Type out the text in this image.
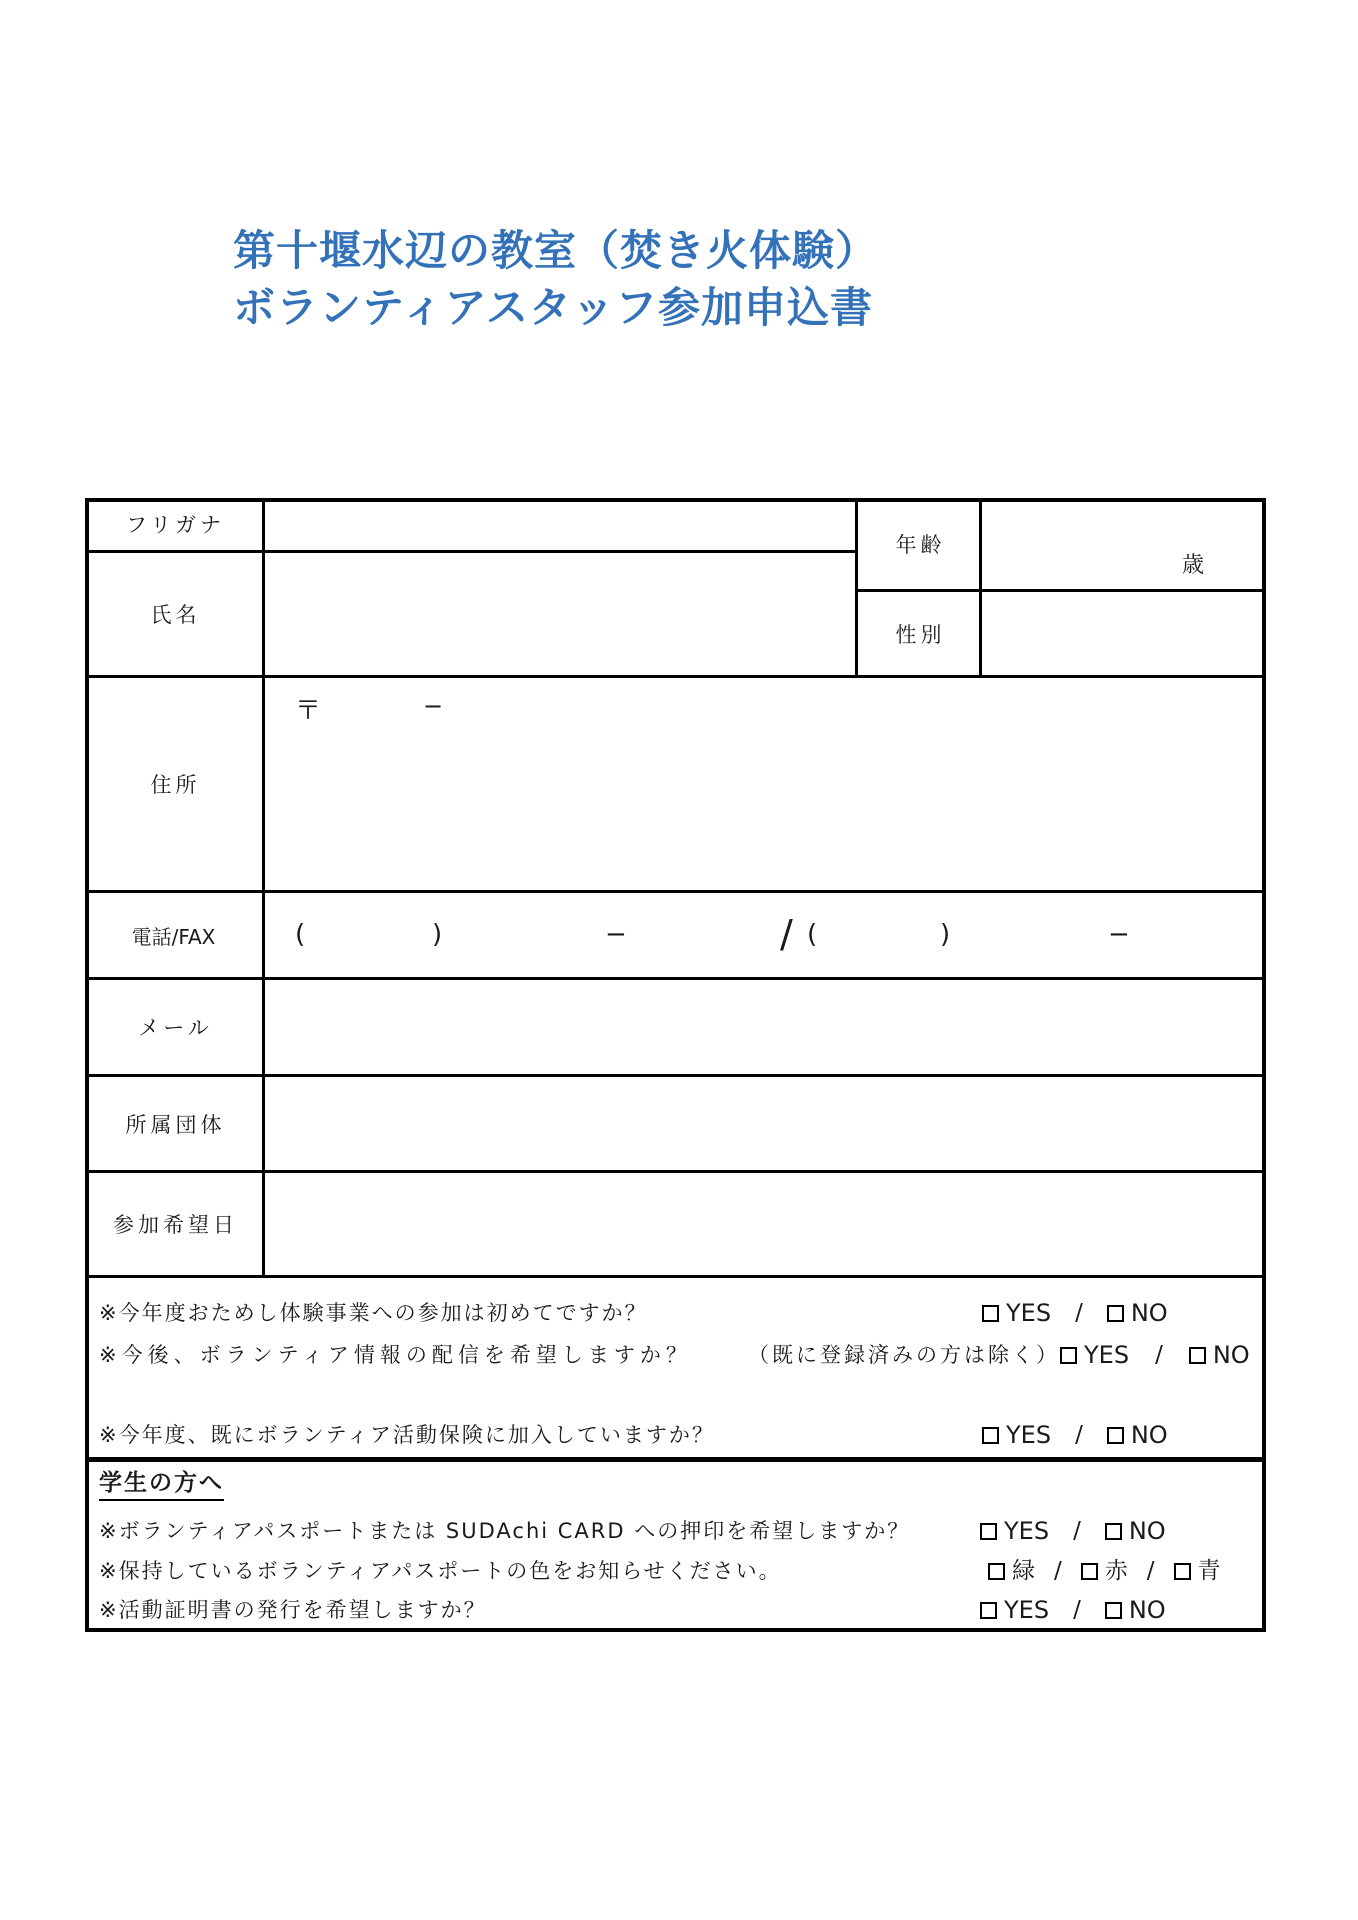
第十堰水辺の教室（焚き火体験）
ボランティアスタッフ参加申込書
フリガナ
氏名
年齢
歳
性別
住所
〒	−
電話/FAX	(	)	−	/ (	)	−
メール
所属団体
参加希望日
※今年度おためし体験事業への参加は初めてですか？	YES / NO
※今後、ボランティア情報の配信を希望しますか？	（既に登録済みの方は除く） YES / NO
※今年度、既にボランティア活動保険に加入していますか？	YES / NO
学生の方へ
※ボランティアパスポートまたは SUDAchi CARD への押印を希望しますか？	YES / NO
※保持しているボランティアパスポートの色をお知らせください。	緑 / 赤 / 青
※活動証明書の発行を希望しますか？	YES / NO
